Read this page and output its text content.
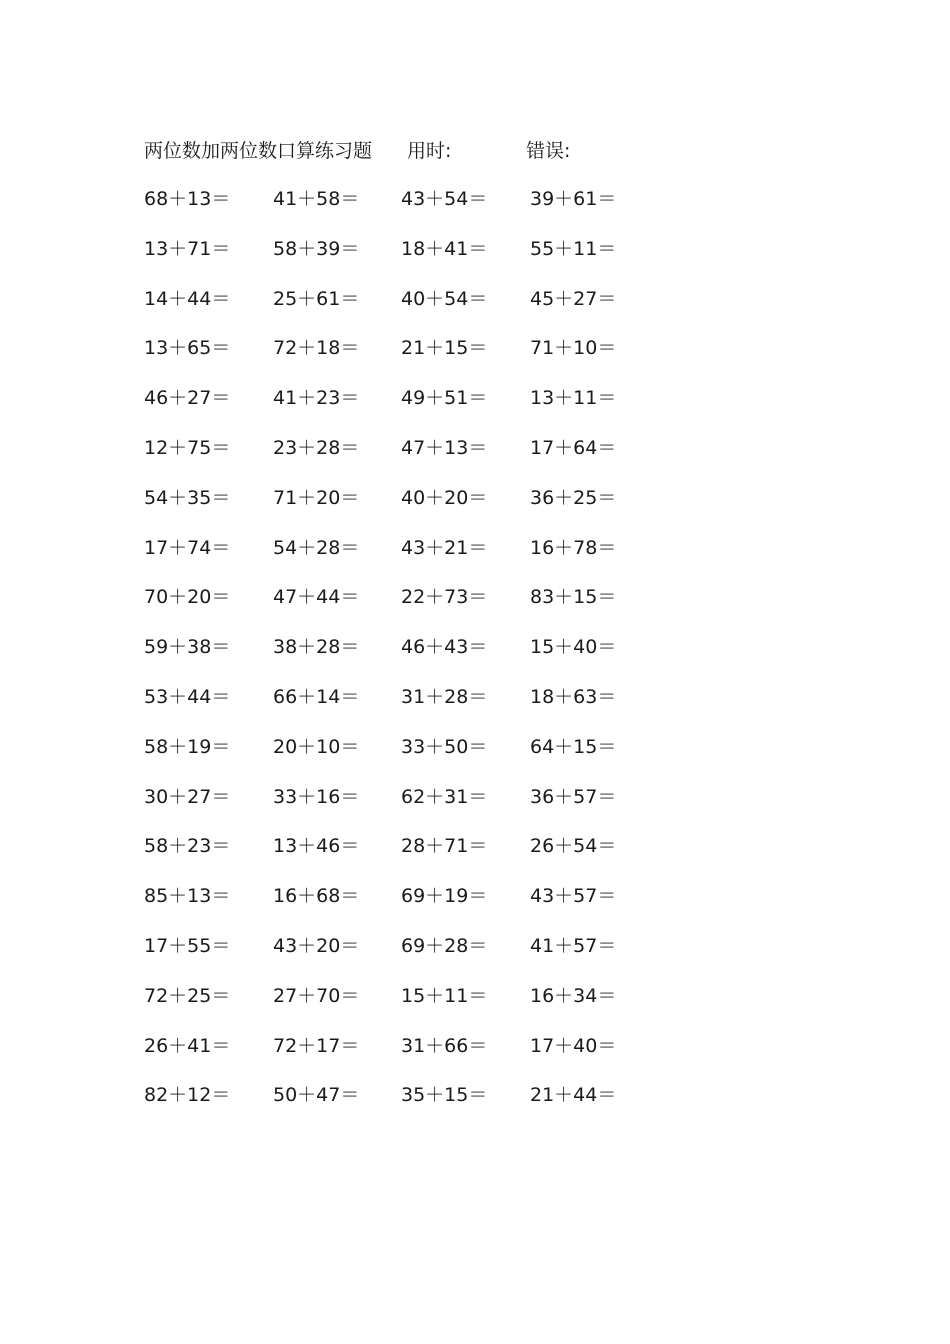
两位数加两位数口算练习题 用时:	错误:
68＋13＝ 41＋58＝ 43＋54＝ 39＋61＝
13＋71＝ 58＋39＝ 18＋41＝ 55＋11＝
14＋44＝ 25＋61＝ 40＋54＝ 45＋27＝
13＋65＝ 72＋18＝ 21＋15＝ 71＋10＝
46＋27＝ 41＋23＝ 49＋51＝ 13＋11＝
12＋75＝ 23＋28＝ 47＋13＝ 17＋64＝
54＋35＝ 71＋20＝ 40＋20＝ 36＋25＝
17＋74＝ 54＋28＝ 43＋21＝ 16＋78＝
70＋20＝ 47＋44＝ 22＋73＝ 83＋15＝
59＋38＝ 38＋28＝ 46＋43＝ 15＋40＝
53＋44＝ 66＋14＝ 31＋28＝ 18＋63＝
58＋19＝ 20＋10＝ 33＋50＝ 64＋15＝
30＋27＝ 33＋16＝ 62＋31＝ 36＋57＝
58＋23＝ 13＋46＝ 28＋71＝ 26＋54＝
85＋13＝ 16＋68＝ 69＋19＝ 43＋57＝
17＋55＝ 43＋20＝ 69＋28＝ 41＋57＝
72＋25＝ 27＋70＝ 15＋11＝ 16＋34＝
26＋41＝ 72＋17＝ 31＋66＝ 17＋40＝
82＋12＝ 50＋47＝ 35＋15＝ 21＋44＝
